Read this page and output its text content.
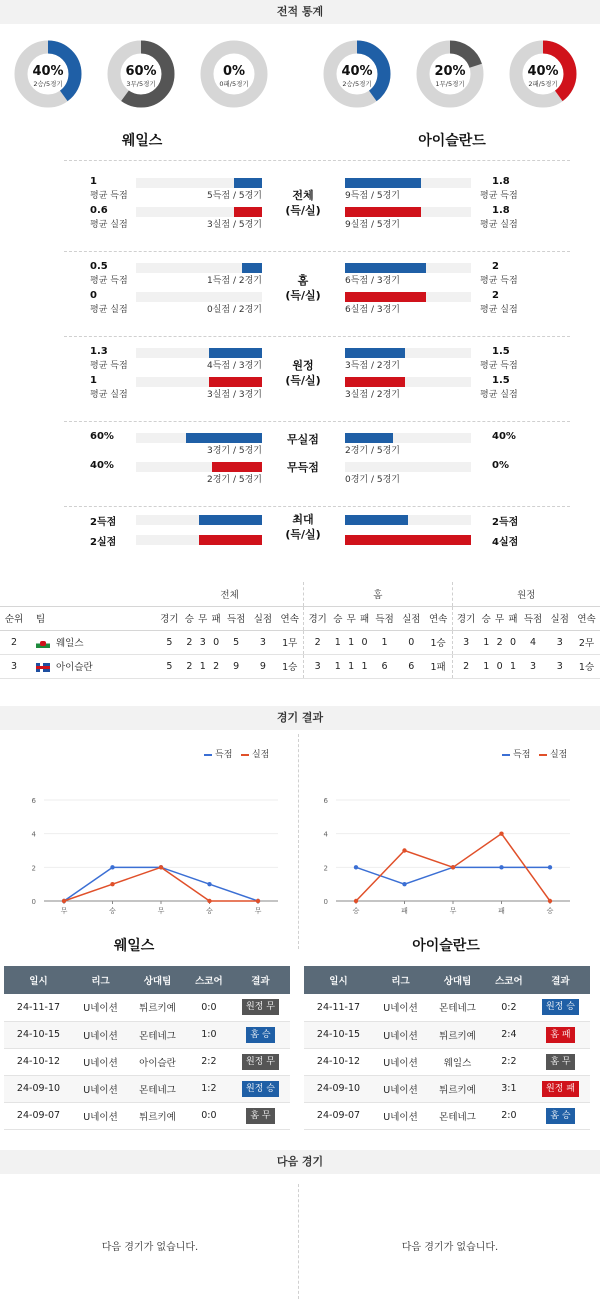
전적 통계
40%
2승/5경기
60%
3무/5경기
0%
0패/5경기
40%
2승/5경기
20%
1무/5경기
40%
2패/5경기
웨일스	아이슬란드
전체
(득/실)
1
평균 득점	5득점 / 5경기
0.6
평균 실점	3실점 / 5경기
1.8
평균 득점
9득점 / 5경기
1.8
평균 실점
9실점 / 5경기
홈
(득/실)
0.5
평균 득점	1득점 / 2경기
0
평균 실점	0실점 / 2경기
2
평균 득점
6득점 / 3경기
2
평균 실점
6실점 / 3경기
원정
(득/실)
1.3
평균 득점	4득점 / 3경기
1
평균 실점	3실점 / 3경기
1.5
평균 득점
3득점 / 2경기
1.5
평균 실점
3실점 / 2경기
무실점
무득점
60%
3경기 / 5경기
40%
2경기 / 5경기
40%
2경기 / 5경기
0%
0경기 / 5경기
최대
(득/실)
2득점
2실점
2득점
4실점
		전체							홈							원정						
순위	팀	경기	승	무	패	득점	실점	연속	경기	승	무	패	득점	실점	연속	경기	승	무	패	득점	실점	연속
2	웨일스	5	2	3	0	5	3	1무	2	1	1	0	1	0	1승	3	1	2	0	4	3	2무
3	아이슬란	5	2	1	2	9	9	1승	3	1	1	1	6	6	1패	2	1	0	1	3	3	1승
경기 결과
득점 실점	득점 실점
0
2
4
6
무	승	무	승	무
0
2
4
6
승	패	무	패	승
웨일스	아이슬란드
일시	리그	상대팀	스코어	결과
24-11-17	U네이션	튀르키예	0:0	원정 무
24-10-15	U네이션	몬테네그	1:0	홈 승
24-10-12	U네이션	아이슬란	2:2	원정 무
24-09-10	U네이션	몬테네그	1:2	원정 승
24-09-07	U네이션	튀르키예	0:0	홈 무
일시	리그	상대팀	스코어	결과
24-11-17	U네이션	몬테네그	0:2	원정 승
24-10-15	U네이션	튀르키예	2:4	홈 패
24-10-12	U네이션	웨일스	2:2	홈 무
24-09-10	U네이션	튀르키예	3:1	원정 패
24-09-07	U네이션	몬테네그	2:0	홈 승
다음 경기
다음 경기가 없습니다.	다음 경기가 없습니다.
